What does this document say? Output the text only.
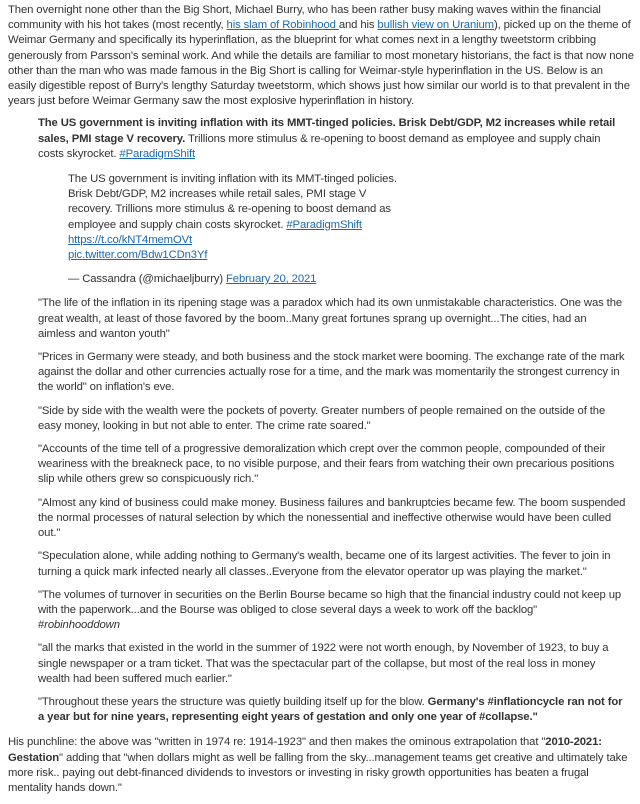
Then overnight none other than the Big Short, Michael Burry, who has been rather busy making waves within the financial community with his hot takes (most recently, his slam of Robinhood and his bullish view on Uranium), picked up on the theme of Weimar Germany and specifically its hyperinflation, as the blueprint for what comes next in a lengthy tweetstorm cribbing generously from Parsson's seminal work. And while the details are familiar to most monetary historians, the fact is that now none other than the man who was made famous in the Big Short is calling for Weimar-style hyperinflation in the US. Below is an easily digestible repost of Burry's lengthy Saturday tweetstorm, which shows just how similar our world is to that prevalent in the years just before Weimar Germany saw the most explosive hyperinflation in history.

The US government is inviting inflation with its MMT-tinged policies. Brisk Debt/GDP, M2 increases while retail sales, PMI stage V recovery. Trillions more stimulus & re-opening to boost demand as employee and supply chain costs skyrocket. #ParadigmShift

The US government is inviting inflation with its MMT-tinged policies. Brisk Debt/GDP, M2 increases while retail sales, PMI stage V recovery. Trillions more stimulus & re-opening to boost demand as employee and supply chain costs skyrocket. #ParadigmShift https://t.co/kNT4memOVt
pic.twitter.com/Bdw1CDn3Yf

— Cassandra (@michaeljburry) February 20, 2021

"The life of the inflation in its ripening stage was a paradox which had its own unmistakable characteristics. One was the great wealth, at least of those favored by the boom..Many great fortunes sprang up overnight...The cities, had an aimless and wanton youth"

"Prices in Germany were steady, and both business and the stock market were booming. The exchange rate of the mark against the dollar and other currencies actually rose for a time, and the mark was momentarily the strongest currency in the world" on inflation's eve.

"Side by side with the wealth were the pockets of poverty. Greater numbers of people remained on the outside of the easy money, looking in but not able to enter. The crime rate soared."

"Accounts of the time tell of a progressive demoralization which crept over the common people, compounded of their weariness with the breakneck pace, to no visible purpose, and their fears from watching their own precarious positions slip while others grew so conspicuously rich."

"Almost any kind of business could make money. Business failures and bankruptcies became few. The boom suspended the normal processes of natural selection by which the nonessential and ineffective otherwise would have been culled out."

"Speculation alone, while adding nothing to Germany's wealth, became one of its largest activities. The fever to join in turning a quick mark infected nearly all classes..Everyone from the elevator operator up was playing the market."

"The volumes of turnover in securities on the Berlin Bourse became so high that the financial industry could not keep up with the paperwork...and the Bourse was obliged to close several days a week to work off the backlog"
#robinhooddown

"all the marks that existed in the world in the summer of 1922 were not worth enough, by November of 1923, to buy a single newspaper or a tram ticket. That was the spectacular part of the collapse, but most of the real loss in money wealth had been suffered much earlier."

"Throughout these years the structure was quietly building itself up for the blow. Germany's #inflationcycle ran not for a year but for nine years, representing eight years of gestation and only one year of #collapse."

His punchline: the above was "written in 1974 re: 1914-1923" and then makes the ominous extrapolation that "2010-2021: Gestation" adding that "when dollars might as well be falling from the sky...management teams get creative and ultimately take more risk.. paying out debt-financed dividends to investors or investing in risky growth opportunities has beaten a frugal mentality hands down."
